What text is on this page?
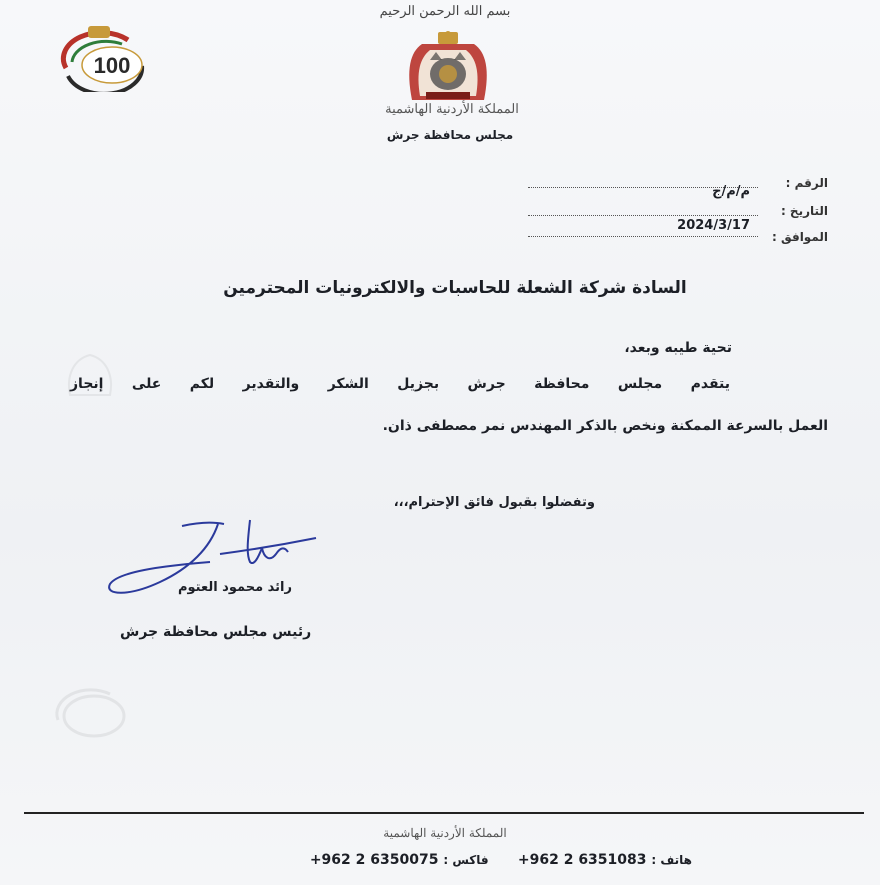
بسم الله الرحمن الرحيم
المملكة الأردنية الهاشمية
مجلس محافظة جرش
100
الرقم :
م/م/ج
التاريخ :
2024/3/17
الموافق :
السادة شركة الشعلة للحاسبات والالكترونيات المحترمين
تحية طيبه وبعد،
يتقدم مجلس محافظة جرش بجزيل الشكر والتقدير لكم على إنجاز
العمل بالسرعة الممكنة ونخص بالذكر المهندس نمر مصطفى ذان.
وتفضلوا بقبول فائق الإحترام،،،
رائد محمود العتوم
رئيس مجلس محافظة جرش
المملكة الأردنية الهاشمية
هاتف : +962 2 6351083      فاكس : +962 2 6350075
